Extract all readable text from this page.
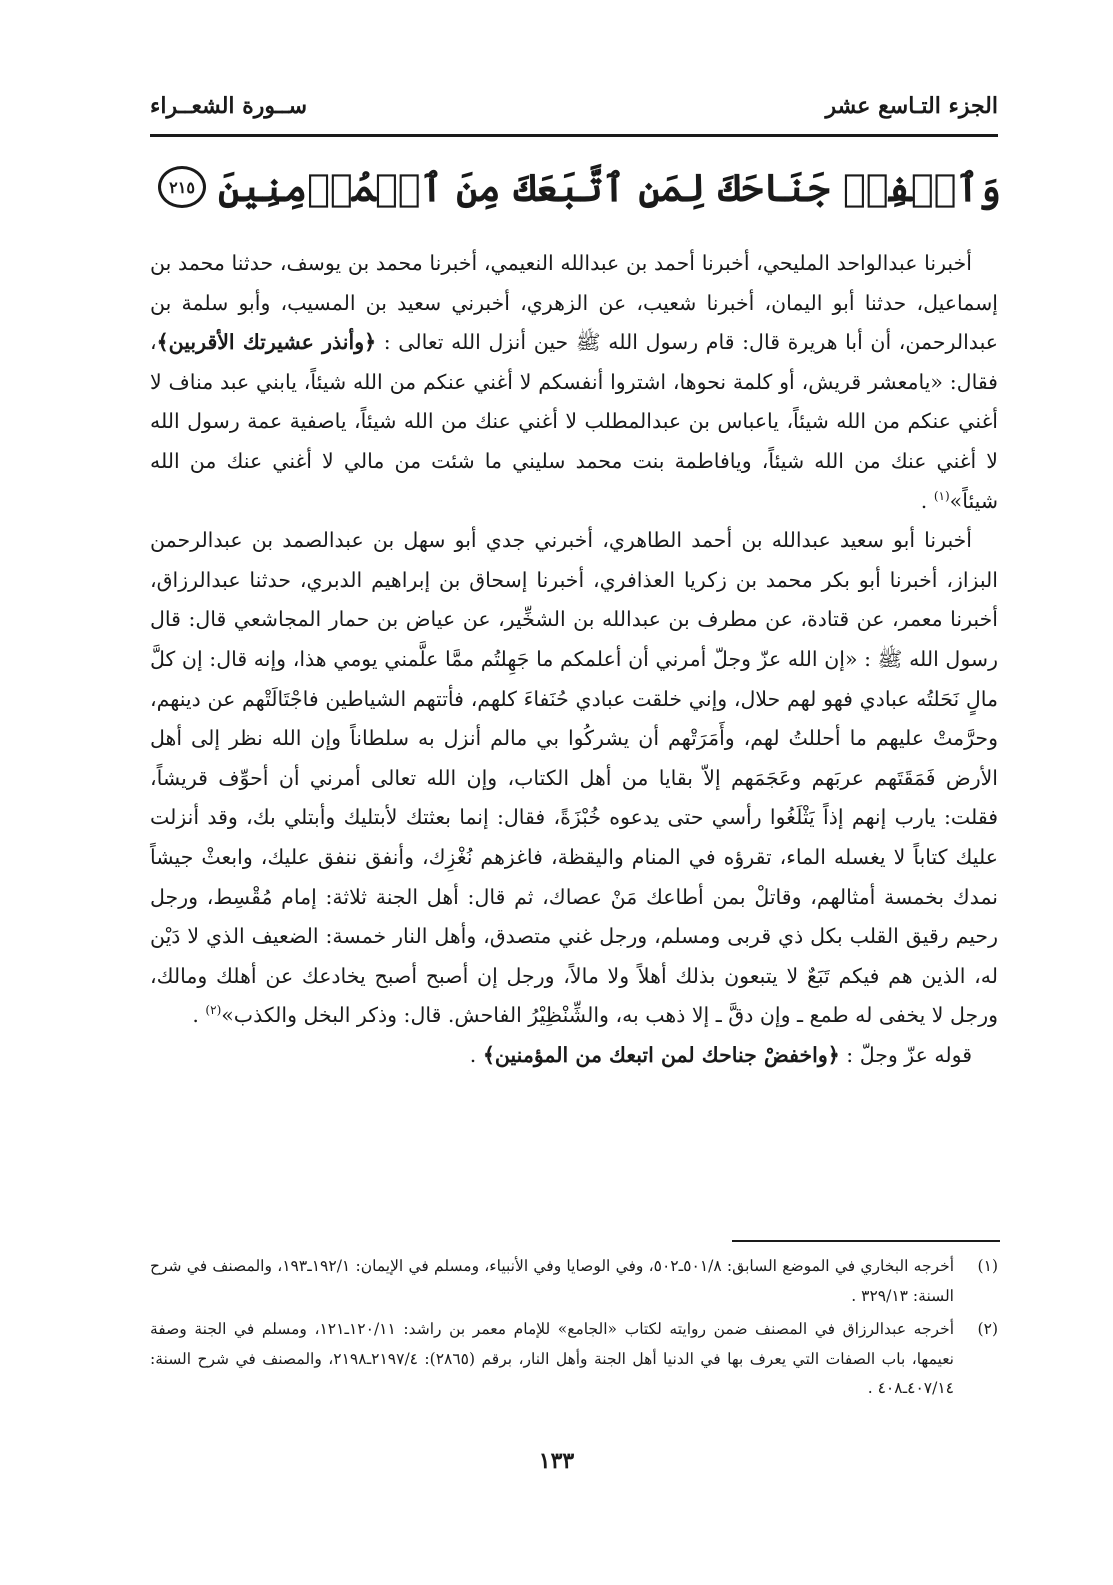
الجزء التـاسع عشر
ســورة الشعــراء
وَٱخۡفِضۡ جَنَاحَكَ لِمَنِ ٱتَّبَعَكَ مِنَ ٱلۡمُؤۡمِنِينَ
٢١٥

أخبرنا عبدالواحد المليحي، أخبرنا أحمد بن عبدالله النعيمي، أخبرنا محمد بن يوسف، حدثنا محمد بن إسماعيل، حدثنا أبو اليمان، أخبرنا شعيب، عن الزهري، أخبرني سعيد بن المسيب، وأبو سلمة بن عبدالرحمن، أن أبا هريرة قال: قام رسول الله ﷺ حين أنزل الله تعالى : ﴿وأنذر عشيرتك الأقربين﴾، فقال: «يامعشر قريش، أو كلمة نحوها، اشتروا أنفسكم لا أغني عنكم من الله شيئاً، يابني عبد مناف لا أغني عنكم من الله شيئاً، ياعباس بن عبدالمطلب لا أغني عنك من الله شيئاً، ياصفية عمة رسول الله لا أغني عنك من الله شيئاً، ويافاطمة بنت محمد سليني ما شئت من مالي لا أغني عنك من الله شيئاً»$^{(١)}$ .

أخبرنا أبو سعيد عبدالله بن أحمد الطاهري، أخبرني جدي أبو سهل بن عبدالصمد بن عبدالرحمن البزاز، أخبرنا أبو بكر محمد بن زكريا العذافري، أخبرنا إسحاق بن إبراهيم الدبري، حدثنا عبدالرزاق، أخبرنا معمر، عن قتادة، عن مطرف بن عبدالله بن الشخِّير، عن عياض بن حمار المجاشعي قال: قال رسول الله ﷺ : «إن الله عزّ وجلّ أمرني أن أعلمكم ما جَهِلتُم ممَّا علَّمني يومي هذا، وإنه قال: إن كلَّ مالٍ نَحَلتُه عبادي فهو لهم حلال، وإني خلقت عبادي حُنَفاءَ كلهم، فأتتهم الشياطين فاجْتَالَتْهم عن دينهم، وحرَّمتْ عليهم ما أحللتُ لهم، وأَمَرَتْهم أن يشركُوا بي مالم أنزل به سلطاناً وإن الله نظر إلى أهل الأرض فَمَقَتَهم عربَهم وعَجَمَهم إلاّ بقايا من أهل الكتاب، وإن الله تعالى أمرني أن أحوِّف قريشاً، فقلت: يارب إنهم إذاً يَثْلَغُوا رأسي حتى يدعوه خُبْزَةً، فقال: إنما بعثتك لأبتليك وأبتلي بك، وقد أنزلت عليك كتاباً لا يغسله الماء، تقرؤه في المنام واليقظة، فاغزهم نُغْزِك، وأنفق ننفق عليك، وابعثْ جيشاً نمدك بخمسة أمثالهم، وقاتلْ بمن أطاعك مَنْ عصاك، ثم قال: أهل الجنة ثلاثة: إمام مُقْسِط، ورجل رحيم رقيق القلب بكل ذي قربى ومسلم، ورجل غني متصدق، وأهل النار خمسة: الضعيف الذي لا دَيْن له، الذين هم فيكم تَبَعٌ لا يتبعون بذلك أهلاً ولا مالاً، ورجل إن أصبح أصبح يخادعك عن أهلك ومالك، ورجل لا يخفى له طمع ـ وإن دقَّ ـ إلا ذهب به، والشِّنْظِيْرُ الفاحش. قال: وذكر البخل والكذب»$^{(٢)}$ .

قوله عزّ وجلّ : ﴿واخفضْ جناحك لمن اتبعك من المؤمنين﴾ .

(١)
أخرجه البخاري في الموضع السابق: ٥٠١/٨ـ٥٠٢، وفي الوصايا وفي الأنبياء، ومسلم في الإيمان: ١٩٢/١ـ١٩٣، والمصنف في شرح السنة: ٣٢٩/١٣ .
(٢)
أخرجه عبدالرزاق في المصنف ضمن روايته لكتاب «الجامع» للإمام معمر بن راشد: ١٢٠/١١ـ١٢١، ومسلم في الجنة وصفة نعيمها، باب الصفات التي يعرف بها في الدنيا أهل الجنة وأهل النار، برقم (٢٨٦٥): ٢١٩٧/٤ـ٢١٩٨، والمصنف في شرح السنة: ٤٠٧/١٤ـ٤٠٨ .
١٣٣
